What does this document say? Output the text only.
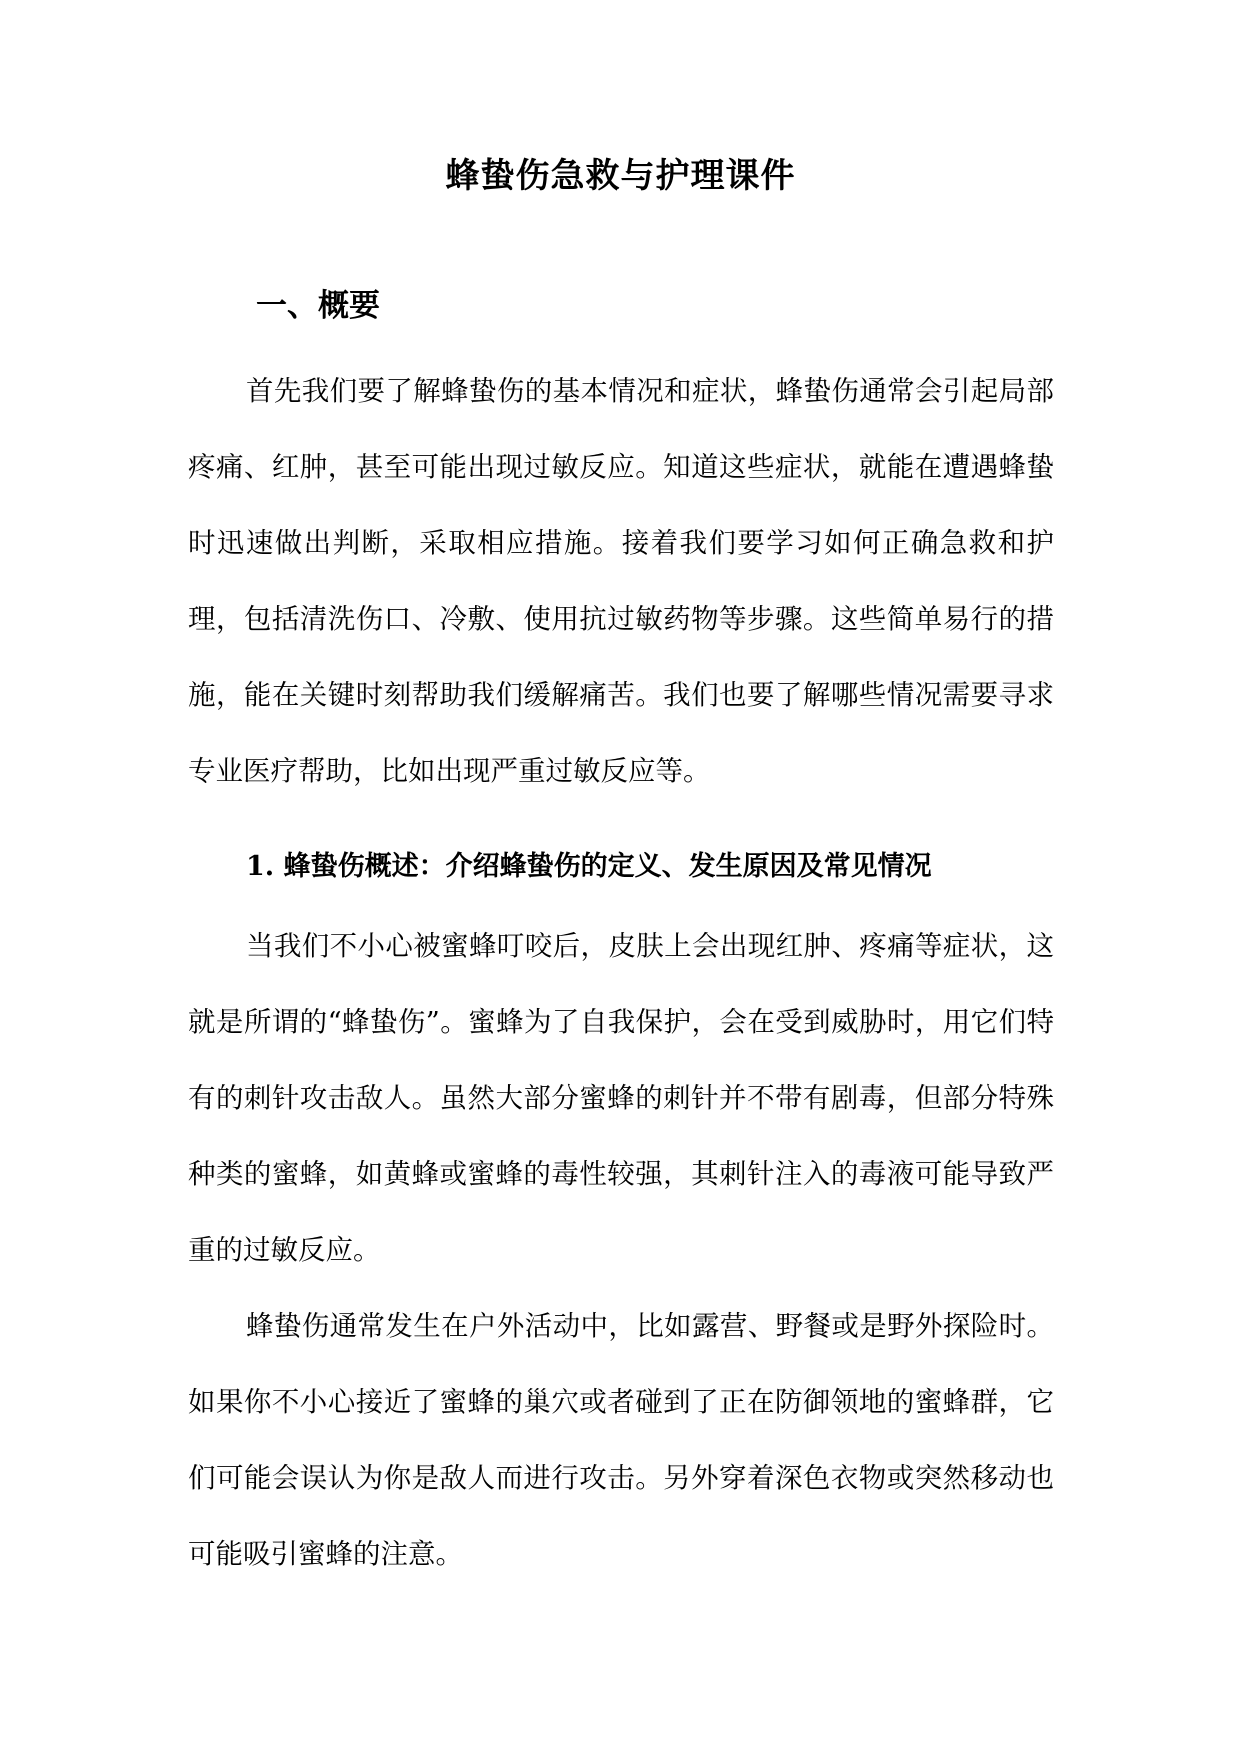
蜂蛰伤急救与护理课件
一、概要

首先我们要了解蜂蛰伤的基本情况和症状，蜂蛰伤通常会引起局部疼痛、红肿，甚至可能出现过敏反应。知道这些症状，就能在遭遇蜂蛰时迅速做出判断，采取相应措施。接着我们要学习如何正确急救和护理，包括清洗伤口、冷敷、使用抗过敏药物等步骤。这些简单易行的措施，能在关键时刻帮助我们缓解痛苦。我们也要了解哪些情况需要寻求专业医疗帮助，比如出现严重过敏反应等。

1. 蜂蛰伤概述：介绍蜂蛰伤的定义、发生原因及常见情况

当我们不小心被蜜蜂叮咬后，皮肤上会出现红肿、疼痛等症状，这就是所谓的“蜂蛰伤”。蜜蜂为了自我保护，会在受到威胁时，用它们特有的刺针攻击敌人。虽然大部分蜜蜂的刺针并不带有剧毒，但部分特殊种类的蜜蜂，如黄蜂或蜜蜂的毒性较强，其刺针注入的毒液可能导致严重的过敏反应。

蜂蛰伤通常发生在户外活动中，比如露营、野餐或是野外探险时。如果你不小心接近了蜜蜂的巢穴或者碰到了正在防御领地的蜜蜂群，它们可能会误认为你是敌人而进行攻击。另外穿着深色衣物或突然移动也可能吸引蜜蜂的注意。
